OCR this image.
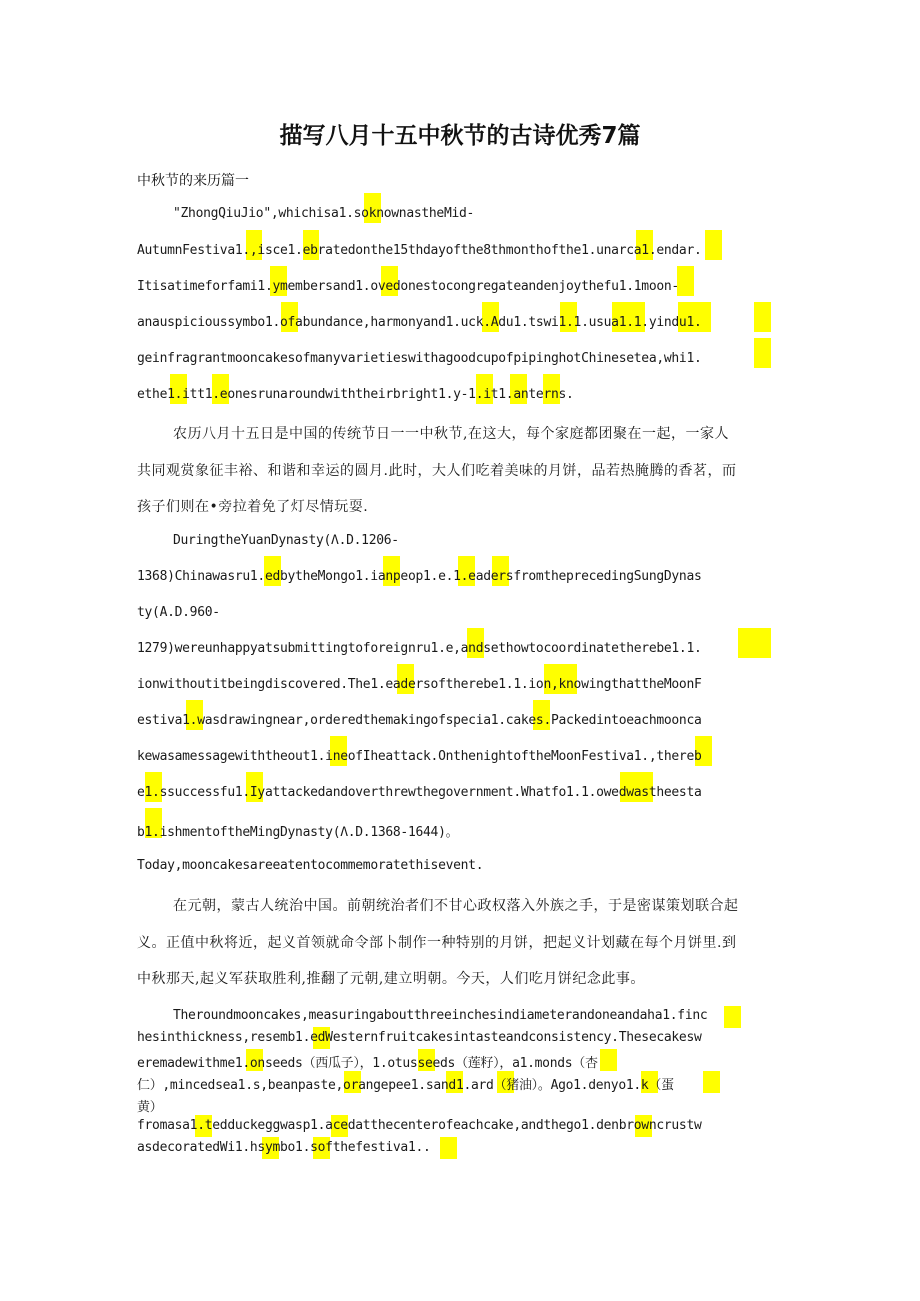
描写八月十五中秋节的古诗优秀7篇
中秋节的来历篇一
"ZhongQiuJio",whichisa1.soknownastheMid-
AutumnFestiva1.,isce1.ebratedonthe15thdayofthe8thmonthofthe1.unarca1.endar.
Itisatimeforfami1.ymembersand1.ovedonestocongregateandenjoythefu1.1moon-
anauspicioussymbo1.ofabundance,harmonyand1.uck.Adu1.tswi1.1.usua1.1.yindu1.
geinfragrantmooncakesofmanyvarietieswithagoodcupofpipinghotChinesetea,whi1.
ethe1.itt1.eonesrunaroundwiththeirbright1.y-1.it1.anterns.
农历八月十五日是中国的传统节日一一中秋节,在这大，每个家庭都团聚在一起，一家人
共同观赏象征丰裕、和谐和幸运的圆月.此时，大人们吃着美味的月饼，品若热腌腾的香茗，而
孩子们则在•旁拉着免了灯尽情玩耍.
DuringtheYuanDynasty(Λ.D.1206-
1368)Chinawasru1.edbytheMongo1.ianpeop1.e.1.eadersfromtheprecedingSungDynas
ty(A.D.960-
1279)wereunhappyatsubmittingtoforeignru1.e,andsethowtocoordinatetherebe1.1.
ionwithoutitbeingdiscovered.The1.eadersoftherebe1.1.ion,knowingthattheMoonF
estiva1.wasdrawingnear,orderedthemakingofspecia1.cakes.Packedintoeachmoonca
kewasamessagewiththeout1.ineofIheattack.OnthenightoftheMoonFestiva1.,thereb
e1.ssuccessfu1.Iyattackedandoverthrewthegovernment.Whatfo1.1.owedwastheesta
b1.ishmentoftheMingDynasty(Λ.D.1368-1644)。
Today,mooncakesareeatentocommemoratethisevent.
在元朝，蒙古人统治中国。前朝统治者们不甘心政权落入外族之手，于是密谋策划联合起
义。正值中秋将近，起义首领就命令部卜制作一种特别的月饼，把起义计划藏在每个月饼里.到
中秋那天,起义军获取胜利,推翻了元朝,建立明朝。今天，人们吃月饼纪念此事。
Theroundmooncakes,measuringaboutthreeinchesindiameterandoneandaha1.finc
hesinthickness,resemb1.edWesternfruitcakesintasteandconsistency.Thesecakesw
eremadewithme1.onseeds（西瓜子），1.otusseeds（莲籽），a1.monds（杏
仁）,mincedsea1.s,beanpaste,orangepee1.sand1.ard（猪油）。Ago1.denyo1.k（蛋
黄）
fromasa1.tedduckeggwasp1.acedatthecenterofeachcake,andthego1.denbrowncrustw
asdecoratedWi1.hsymbo1.softhefestiva1..
